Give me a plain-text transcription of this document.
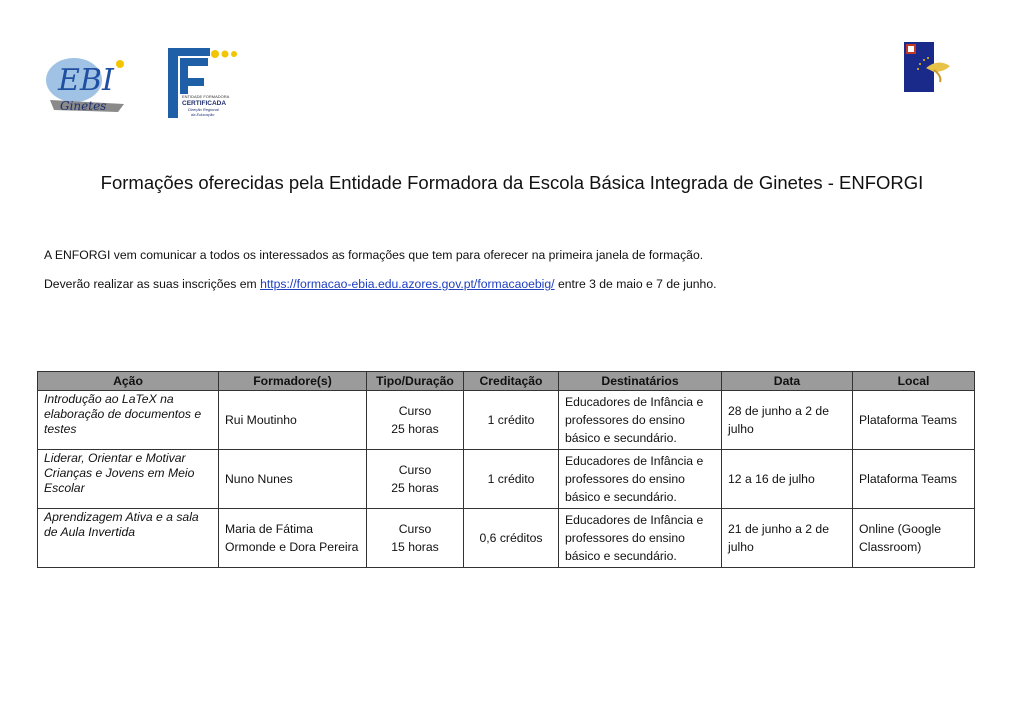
EBI
Ginetes
ENTIDADE FORMADORA
CERTIFICADA
Direção Regional
da Educação
Formações oferecidas pela Entidade Formadora da Escola Básica Integrada de Ginetes - ENFORGI
A ENFORGI vem comunicar a todos os interessados as formações que tem para oferecer na primeira janela de formação.
Deverão realizar as suas inscrições em https://formacao-ebia.edu.azores.gov.pt/formacaoebig/ entre 3 de maio e 7 de junho.
Ação	Formadore(s)	Tipo/Duração	Creditação	Destinatários	Data	Local
Introdução ao LaTeX na elaboração de documentos e testes	Rui Moutinho	Curso
25 horas	1 crédito	Educadores de Infância e professores do ensino básico e secundário.	28 de junho a 2 de julho	Plataforma Teams
Liderar, Orientar e Motivar Crianças e Jovens em Meio Escolar	Nuno Nunes	Curso
25 horas	1 crédito	Educadores de Infância e professores do ensino básico e secundário.	12 a 16 de julho	Plataforma Teams
Aprendizagem Ativa e a sala de Aula Invertida	Maria de Fátima Ormonde e Dora Pereira	Curso
15 horas	0,6 créditos	Educadores de Infância e professores do ensino básico e secundário.	21 de junho a 2 de julho	Online (Google Classroom)
